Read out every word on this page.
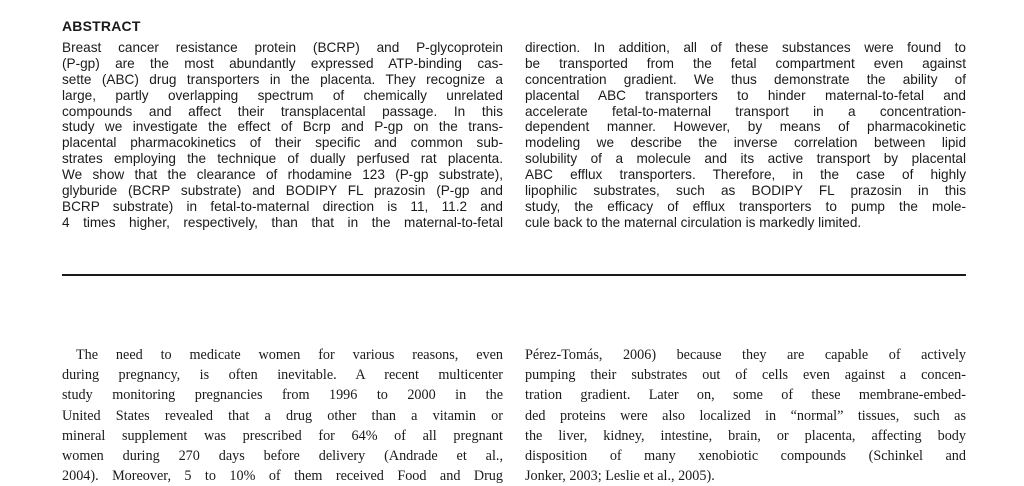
ABSTRACT
Breast cancer resistance protein (BCRP) and P-glycoprotein
(P-gp) are the most abundantly expressed ATP-binding cas-
sette (ABC) drug transporters in the placenta. They recognize a
large, partly overlapping spectrum of chemically unrelated
compounds and affect their transplacental passage. In this
study we investigate the effect of Bcrp and P-gp on the trans-
placental pharmacokinetics of their specific and common sub-
strates employing the technique of dually perfused rat placenta.
We show that the clearance of rhodamine 123 (P-gp substrate),
glyburide (BCRP substrate) and BODIPY FL prazosin (P-gp and
BCRP substrate) in fetal-to-maternal direction is 11, 11.2 and
4 times higher, respectively, than that in the maternal-to-fetal
direction. In addition, all of these substances were found to
be transported from the fetal compartment even against
concentration gradient. We thus demonstrate the ability of
placental ABC transporters to hinder maternal-to-fetal and
accelerate fetal-to-maternal transport in a concentration-
dependent manner. However, by means of pharmacokinetic
modeling we describe the inverse correlation between lipid
solubility of a molecule and its active transport by placental
ABC efflux transporters. Therefore, in the case of highly
lipophilic substrates, such as BODIPY FL prazosin in this
study, the efficacy of efflux transporters to pump the mole-
cule back to the maternal circulation is markedly limited.
The need to medicate women for various reasons, even
during pregnancy, is often inevitable. A recent multicenter
study monitoring pregnancies from 1996 to 2000 in the
United States revealed that a drug other than a vitamin or
mineral supplement was prescribed for 64% of all pregnant
women during 270 days before delivery (Andrade et al.,
2004). Moreover, 5 to 10% of them received Food and Drug
Pérez-Tomás, 2006) because they are capable of actively
pumping their substrates out of cells even against a concen-
tration gradient. Later on, some of these membrane-embed-
ded proteins were also localized in “normal” tissues, such as
the liver, kidney, intestine, brain, or placenta, affecting body
disposition of many xenobiotic compounds (Schinkel and
Jonker, 2003; Leslie et al., 2005).
